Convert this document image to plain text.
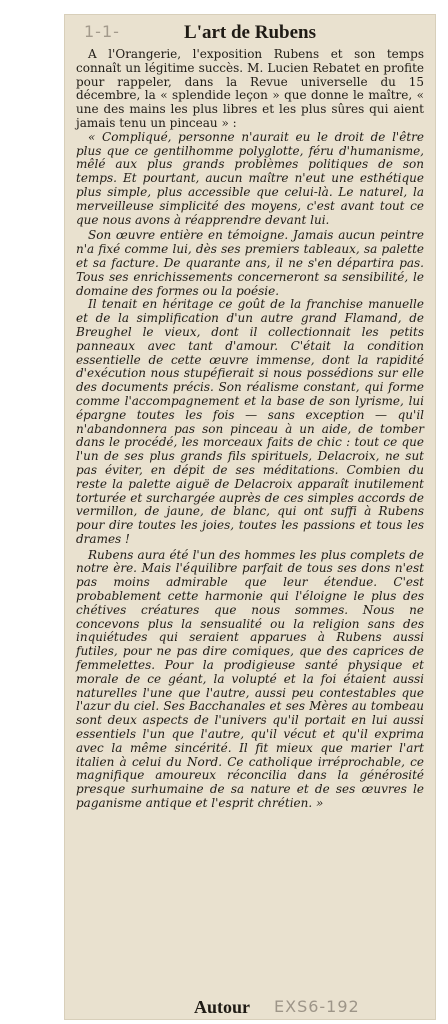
1-1-	L'art de Rubens

A l'Orangerie, l'exposition Rubens et son temps connaît un légitime succès. M. Lucien Rebatet en profite pour rappeler, dans la Revue universelle du 15 décembre, la « splendide leçon » que donne le maître, « une des mains les plus libres et les plus sûres qui aient jamais tenu un pinceau » :

« Compliqué, personne n'aurait eu le droit de l'être plus que ce gentilhomme polyglotte, féru d'humanisme, mêlé aux plus grands problèmes politiques de son temps. Et pourtant, aucun maître n'eut une esthétique plus simple, plus accessible que celui-là. Le naturel, la merveilleuse simplicité des moyens, c'est avant tout ce que nous avons à réapprendre devant lui.

Son œuvre entière en témoigne. Jamais aucun peintre n'a fixé comme lui, dès ses premiers tableaux, sa palette et sa facture. De quarante ans, il ne s'en départira pas. Tous ses enrichissements concerneront sa sensibilité, le domaine des formes ou la poésie.

Il tenait en héritage ce goût de la franchise manuelle et de la simplification d'un autre grand Flamand, de Breughel le vieux, dont il collectionnait les petits panneaux avec tant d'amour. C'était la condition essentielle de cette œuvre immense, dont la rapidité d'exécution nous stupéfierait si nous possédions sur elle des documents précis. Son réalisme constant, qui forme comme l'accompagnement et la base de son lyrisme, lui épargne toutes les fois — sans exception — qu'il n'abandonnera pas son pinceau à un aide, de tomber dans le procédé, les morceaux faits de chic : tout ce que l'un de ses plus grands fils spirituels, Delacroix, ne sut pas éviter, en dépit de ses méditations. Combien du reste la palette aiguë de Delacroix apparaît inutilement torturée et surchargée auprès de ces simples accords de vermillon, de jaune, de blanc, qui ont suffi à Rubens pour dire toutes les joies, toutes les passions et tous les drames !

Rubens aura été l'un des hommes les plus complets de notre ère. Mais l'équilibre parfait de tous ses dons n'est pas moins admirable que leur étendue. C'est probablement cette harmonie qui l'éloigne le plus des chétives créatures que nous sommes. Nous ne concevons plus la sensualité ou la religion sans des inquiétudes qui seraient apparues à Rubens aussi futiles, pour ne pas dire comiques, que des caprices de femmelettes. Pour la prodigieuse santé physique et morale de ce géant, la volupté et la foi étaient aussi naturelles l'une que l'autre, aussi peu contestables que l'azur du ciel. Ses Bacchanales et ses Mères au tombeau sont deux aspects de l'univers qu'il portait en lui aussi essentiels l'un que l'autre, qu'il vécut et qu'il exprima avec la même sincérité. Il fit mieux que marier l'art italien à celui du Nord. Ce catholique irréprochable, ce magnifique amoureux réconcilia dans la générosité presque surhumaine de sa nature et de ses œuvres le paganisme antique et l'esprit chrétien. »

Autour EXS6-192
